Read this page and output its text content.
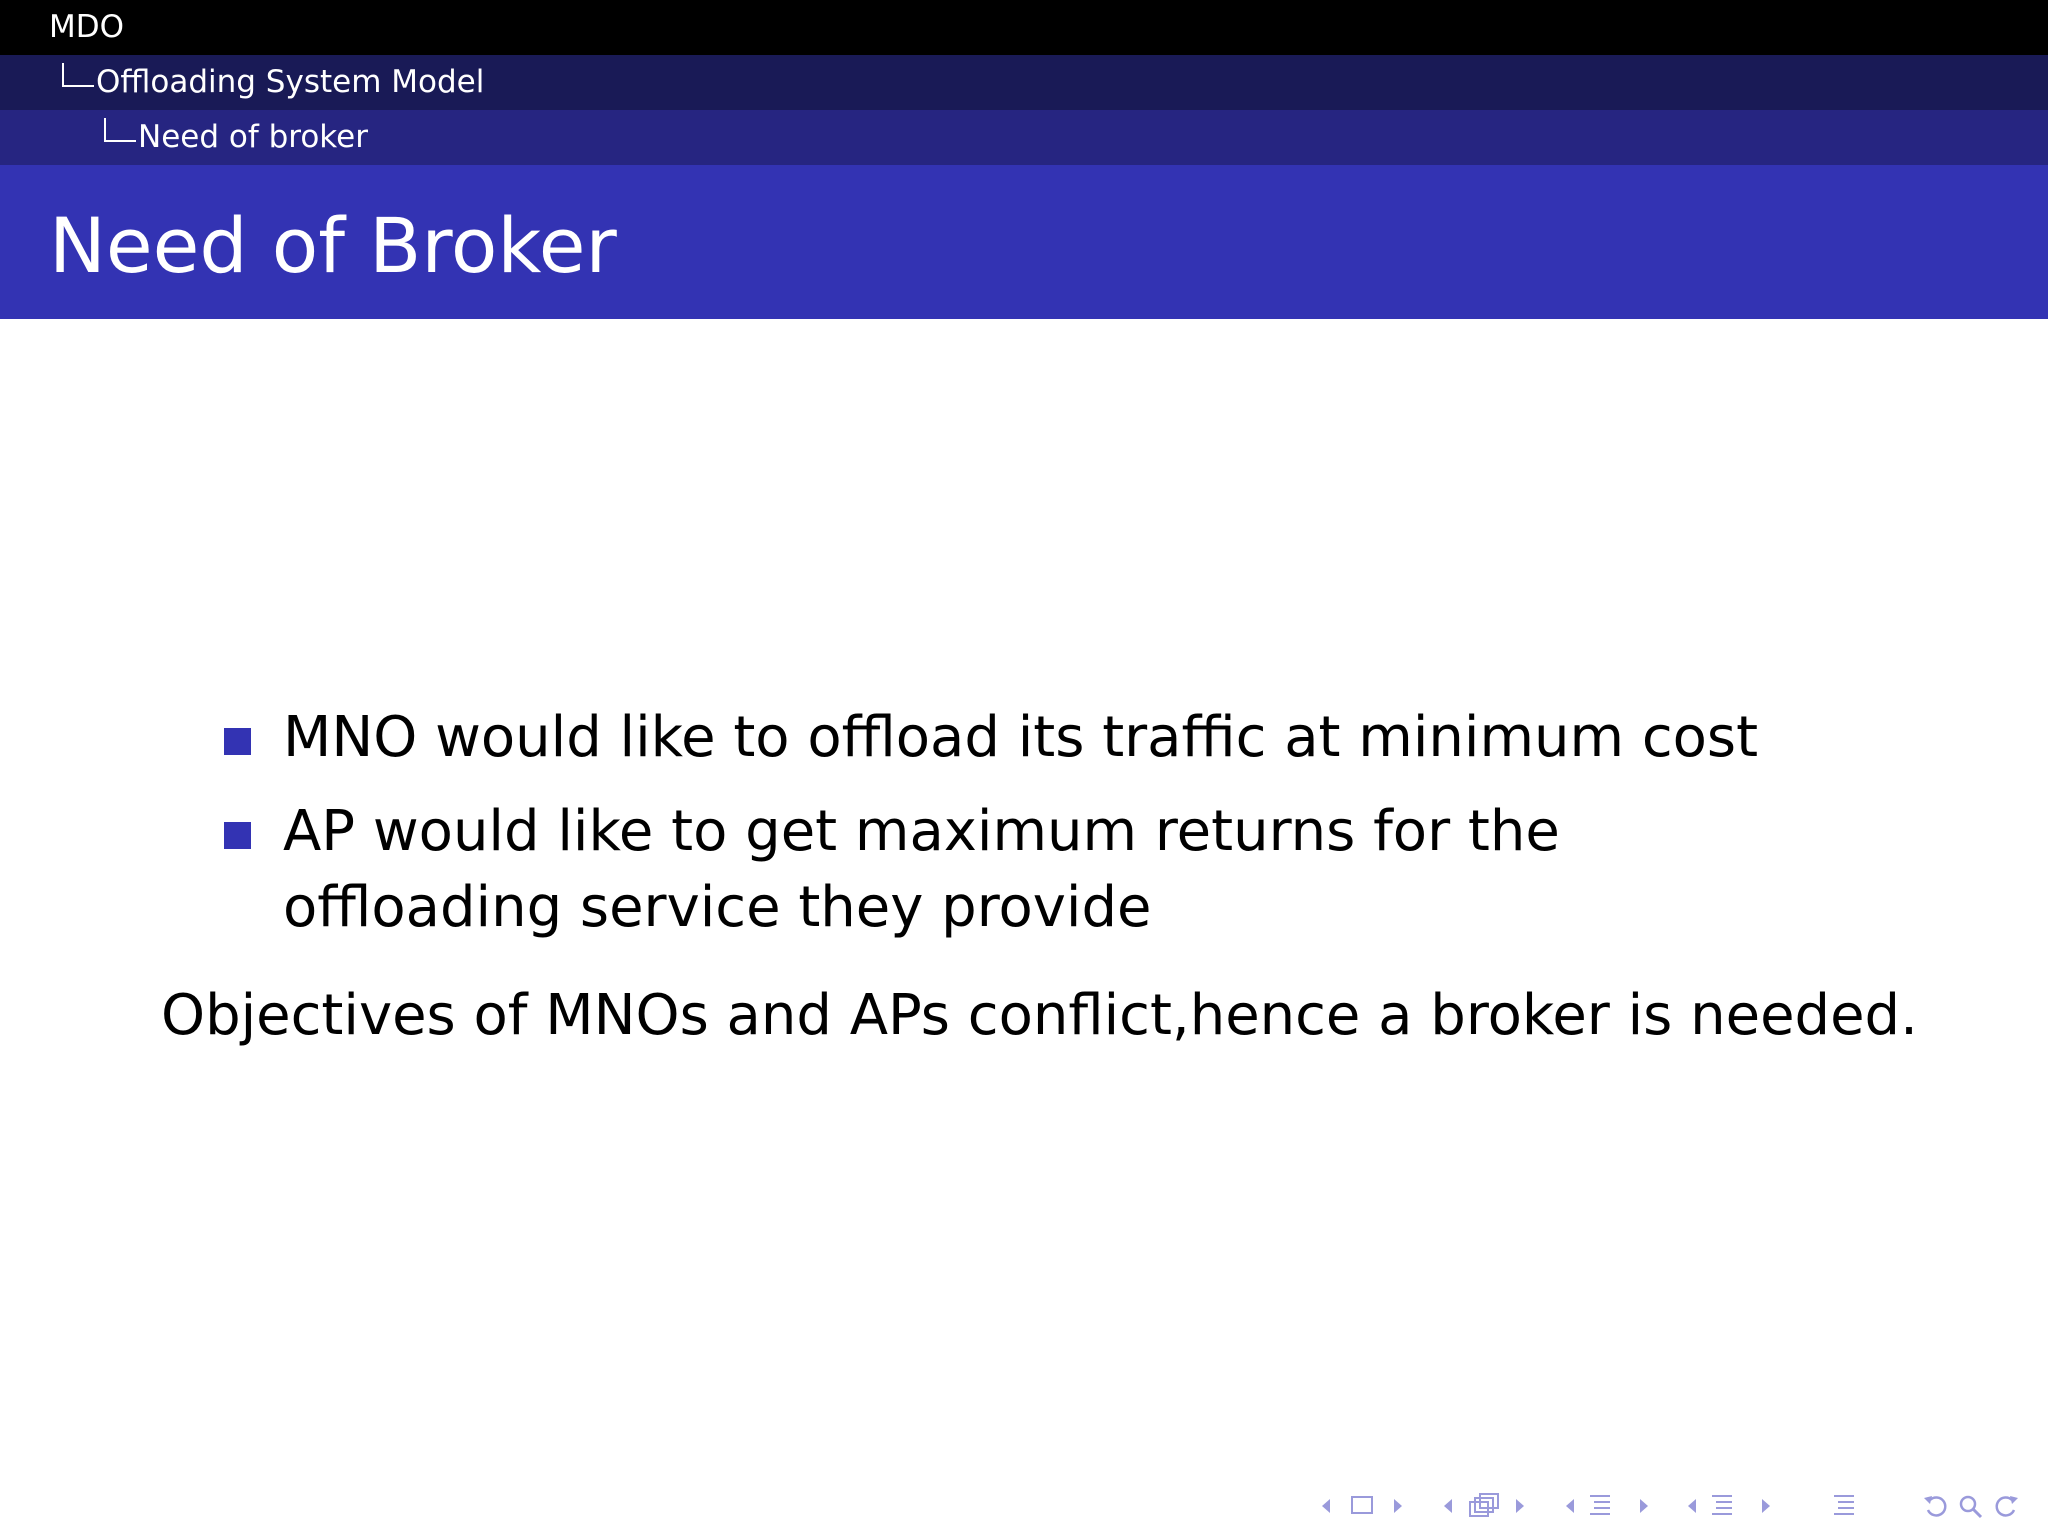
MDO
Offloading System Model
Need of broker
Need of Broker
MNO would like to offload its traffic at minimum cost
AP would like to get maximum returns for the offloading service they provide
Objectives of MNOs and APs conflict,hence a broker is needed.
